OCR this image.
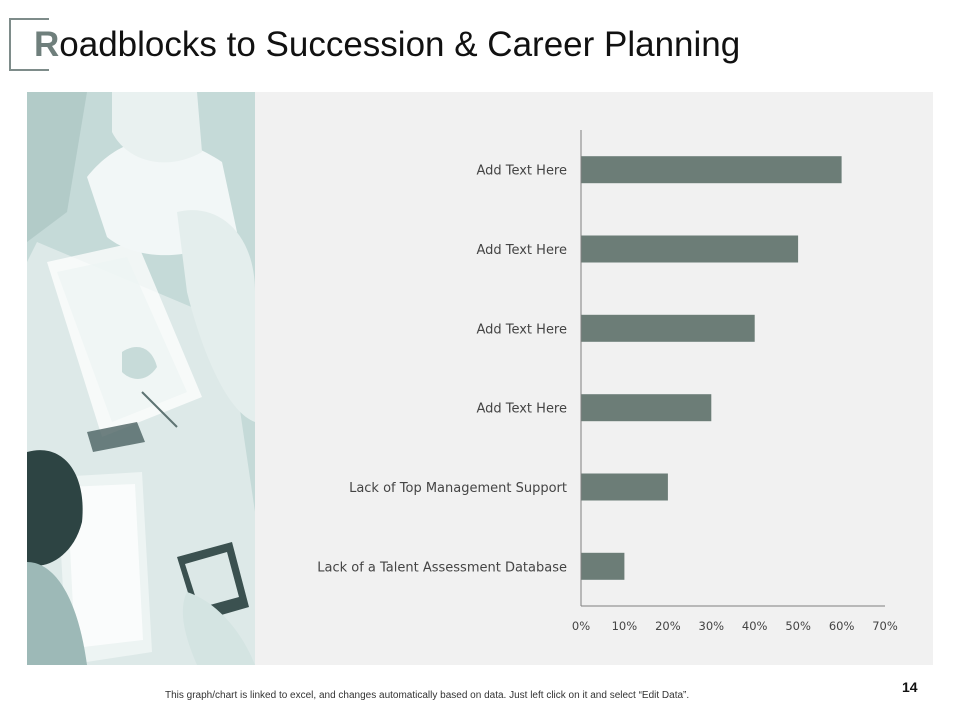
Roadblocks to Succession & Career Planning
Add Text Here
Add Text Here
Add Text Here
Add Text Here
Lack of Top Management Support
Lack of a Talent Assessment Database
0% 10% 20% 30% 40% 50% 60% 70%
This graph/chart is linked to excel, and changes automatically based on data. Just left click on it and select “Edit Data”.
14
